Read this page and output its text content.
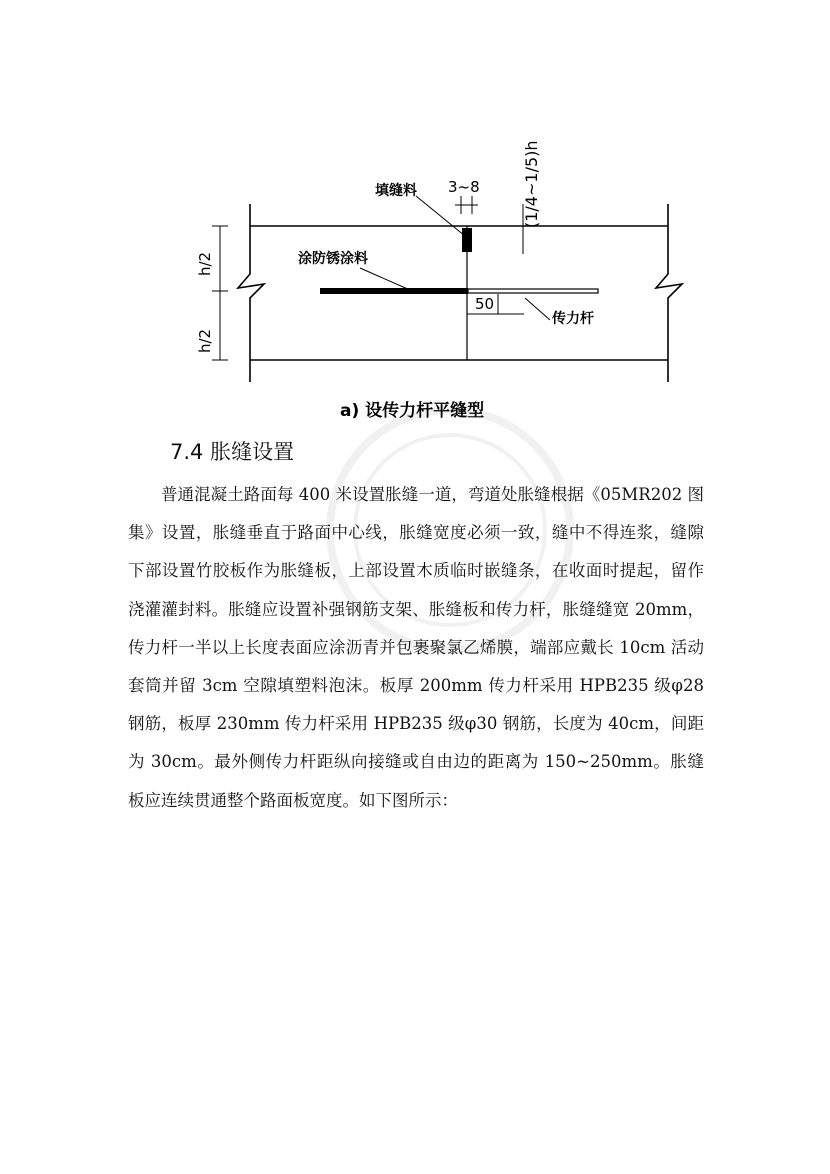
填缝料 3~8	(1/4~1/5)h
涂防锈涂料
50
传力杆
h/2
h/2
a) 设传力杆平缝型
7.4 胀缝设置

普通混凝土路面每 400 米设置胀缝一道，弯道处胀缝根据《05MR202 图集》设置，胀缝垂直于路面中心线，胀缝宽度必须一致，缝中不得连浆，缝隙下部设置竹胶板作为胀缝板，上部设置木质临时嵌缝条，在收面时提起，留作浇灌灌封料。胀缝应设置补强钢筋支架、胀缝板和传力杆，胀缝缝宽 20mm，传力杆一半以上长度表面应涂沥青并包裹聚氯乙烯膜，端部应戴长 10cm 活动套筒并留 3cm 空隙填塑料泡沫。板厚 200mm 传力杆采用 HPB235 级φ28 钢筋，板厚 230mm 传力杆采用 HPB235 级φ30 钢筋，长度为 40cm，间距为 30cm。最外侧传力杆距纵向接缝或自由边的距离为 150~250mm。胀缝板应连续贯通整个路面板宽度。如下图所示：
